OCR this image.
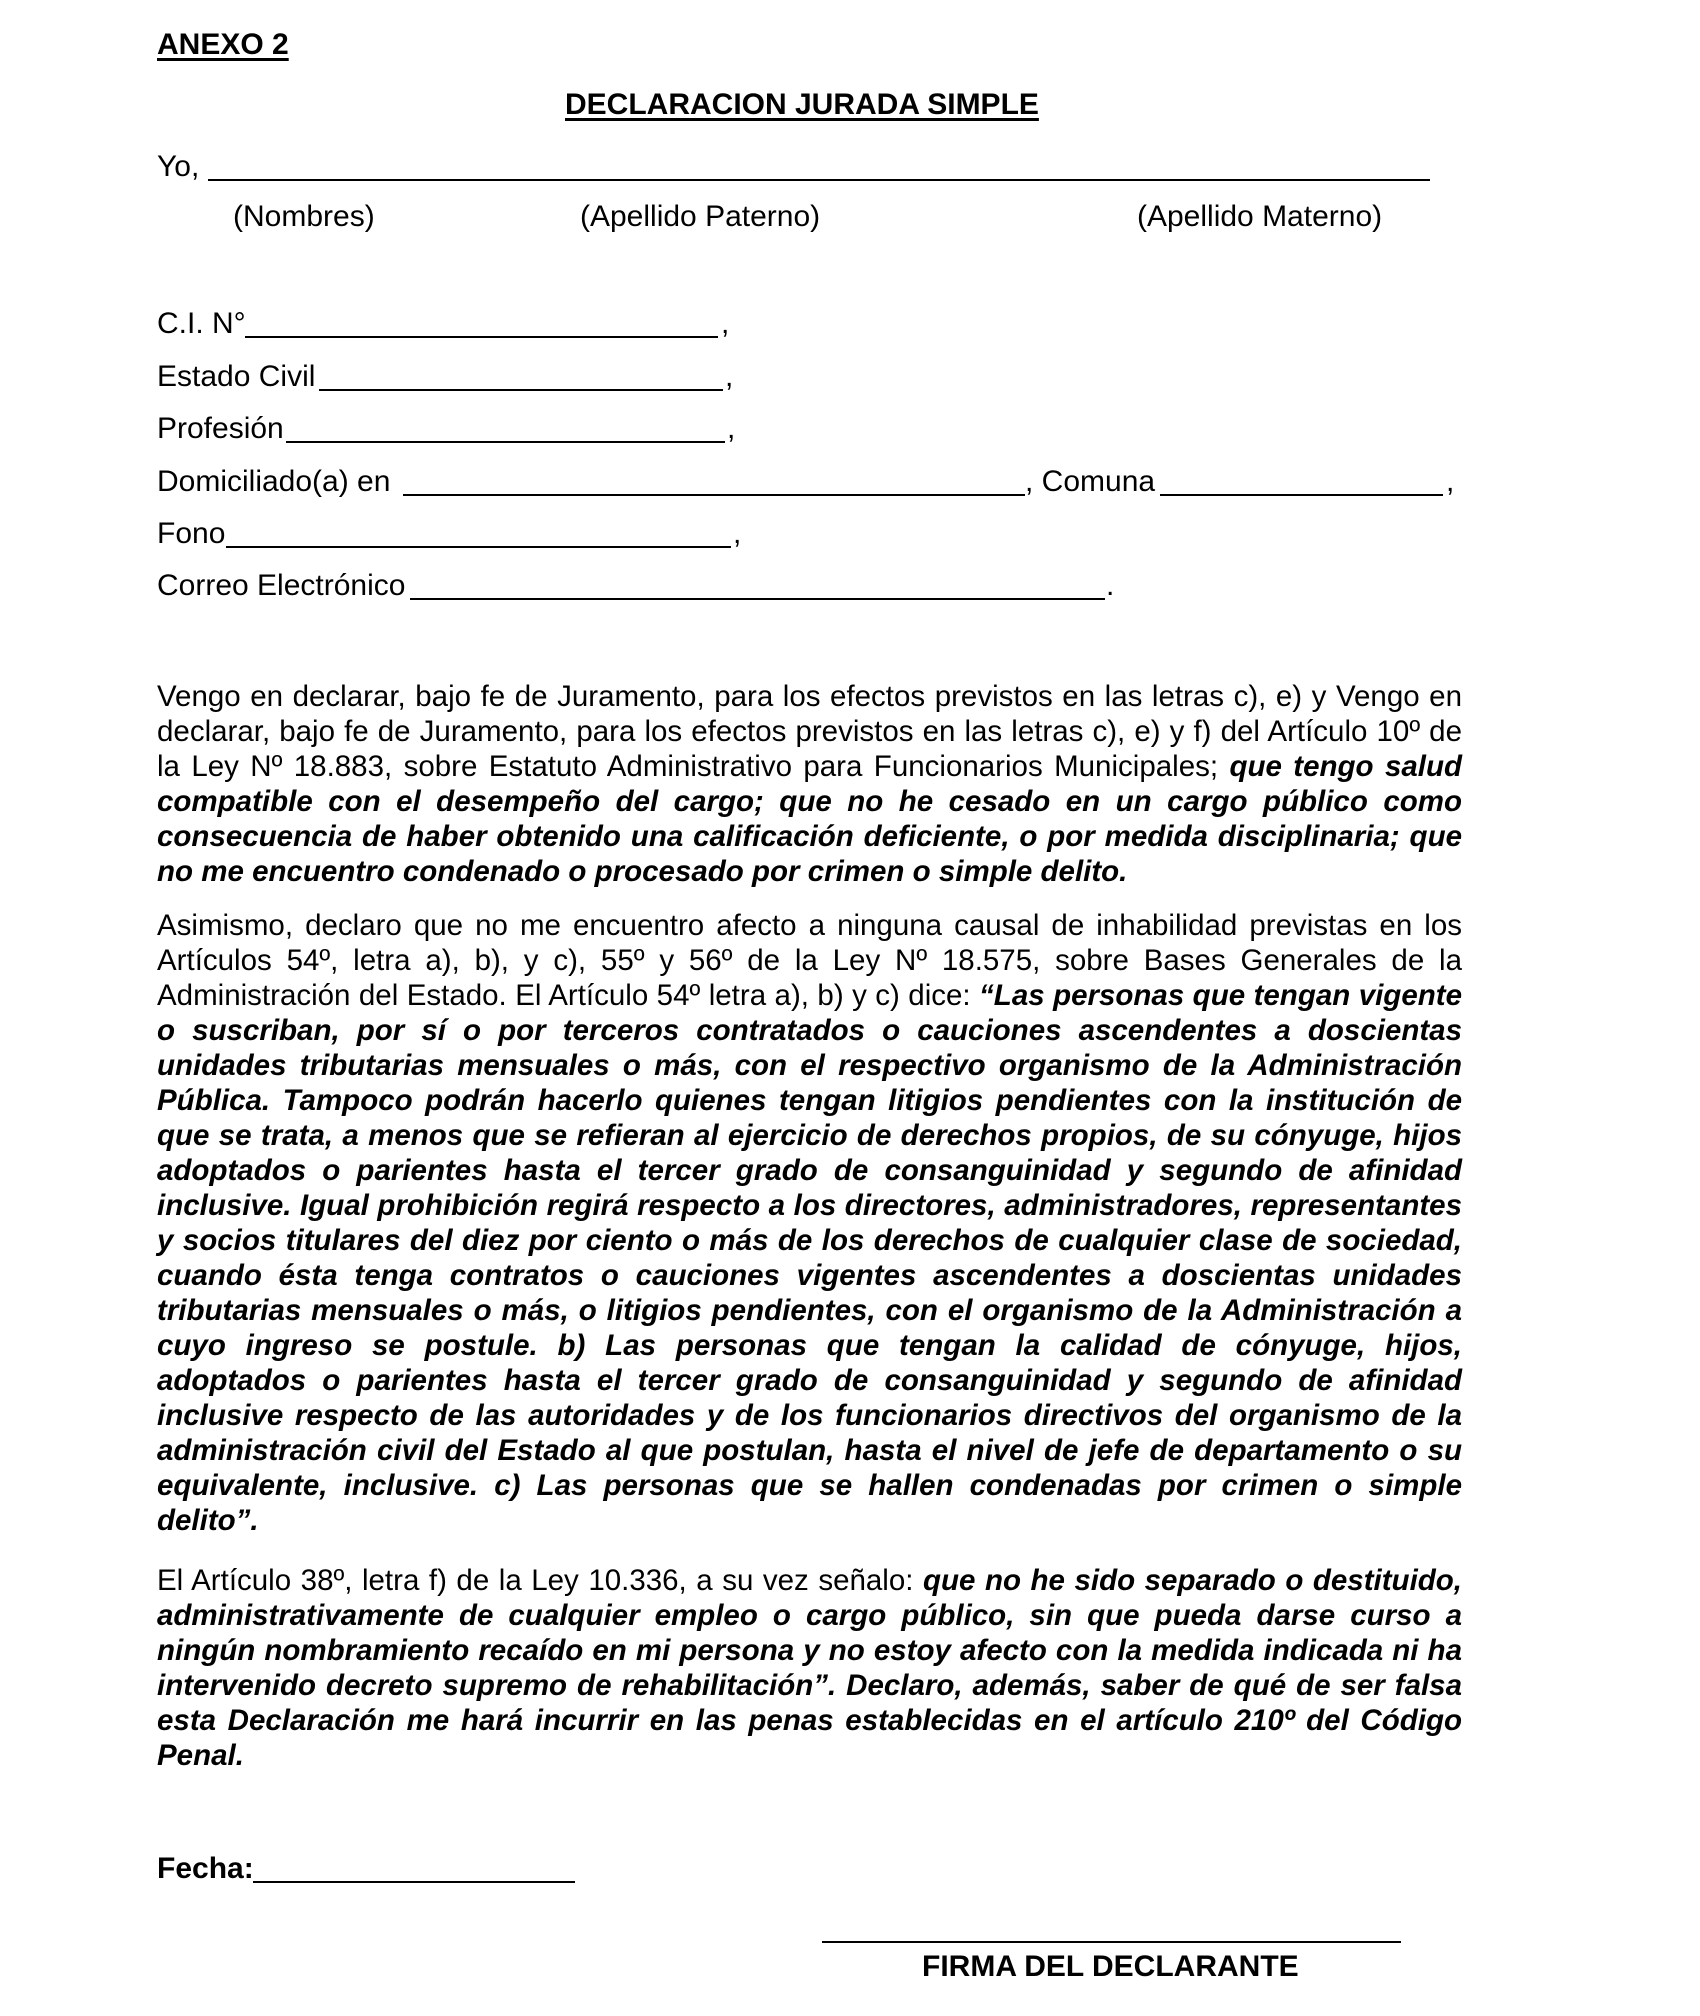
ANEXO 2
DECLARACION JURADA SIMPLE
Yo,
(Nombres)	(Apellido Paterno)	(Apellido Materno)
C.I. N°	,
Estado Civil	,
Profesión	,
Domiciliado(a) en	, Comuna	,
Fono	,
Correo Electrónico	.
Vengo en declarar, bajo fe de Juramento, para los efectos previstos en las letras c), e) y Vengo en declarar, bajo fe de Juramento, para los efectos previstos en las letras c), e) y f) del Artículo 10º de la Ley Nº 18.883, sobre Estatuto Administrativo para Funcionarios Municipales; que tengo salud compatible con el desempeño del cargo; que no he cesado en un cargo público como consecuencia de haber obtenido una calificación deficiente, o por medida disciplinaria; que no me encuentro condenado o procesado por crimen o simple delito.
Asimismo, declaro que no me encuentro afecto a ninguna causal de inhabilidad previstas en los Artículos 54º, letra a), b), y c), 55º y 56º de la Ley Nº 18.575, sobre Bases Generales de la Administración del Estado. El Artículo 54º letra a), b) y c) dice: “Las personas que tengan vigente o suscriban, por sí o por terceros contratados o cauciones ascendentes a doscientas unidades tributarias mensuales o más, con el respectivo organismo de la Administración Pública. Tampoco podrán hacerlo quienes tengan litigios pendientes con la institución de que se trata, a menos que se refieran al ejercicio de derechos propios, de su cónyuge, hijos adoptados o parientes hasta el tercer grado de consanguinidad y segundo de afinidad inclusive. Igual prohibición regirá respecto a los directores, administradores, representantes y socios titulares del diez por ciento o más de los derechos de cualquier clase de sociedad, cuando ésta tenga contratos o cauciones vigentes ascendentes a doscientas unidades tributarias mensuales o más, o litigios pendientes, con el organismo de la Administración a cuyo ingreso se postule. b) Las personas que tengan la calidad de cónyuge, hijos, adoptados o parientes hasta el tercer grado de consanguinidad y segundo de afinidad inclusive respecto de las autoridades y de los funcionarios directivos del organismo de la administración civil del Estado al que postulan, hasta el nivel de jefe de departamento o su equivalente, inclusive. c) Las personas que se hallen condenadas por crimen o simple delito”.
El Artículo 38º, letra f) de la Ley 10.336, a su vez señalo: que no he sido separado o destituido, administrativamente de cualquier empleo o cargo público, sin que pueda darse curso a ningún nombramiento recaído en mi persona y no estoy afecto con la medida indicada ni ha intervenido decreto supremo de rehabilitación”. Declaro, además, saber de qué de ser falsa esta Declaración me hará incurrir en las penas establecidas en el artículo 210º del Código Penal.
Fecha:
FIRMA DEL DECLARANTE
